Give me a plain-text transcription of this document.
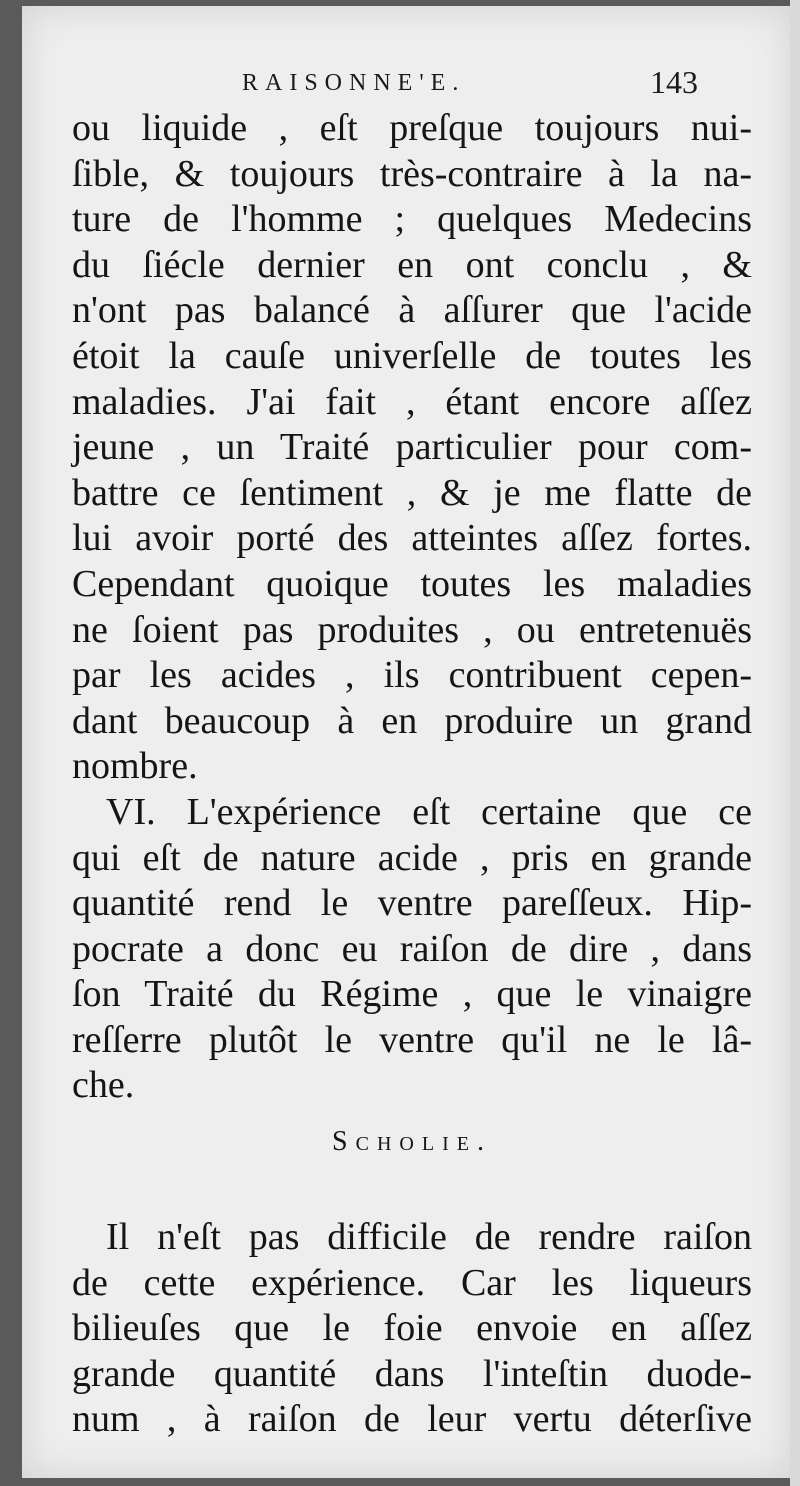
RAISONNE'E.	143
ou liquide , eſt preſque toujours nui-
ſible, & toujours très-contraire à la na-
ture de l'homme ; quelques Medecins
du ſiécle dernier en ont conclu , &
n'ont pas balancé à aſſurer que l'acide
étoit la cauſe univerſelle de toutes les
maladies. J'ai fait , étant encore aſſez
jeune , un Traité particulier pour com-
battre ce ſentiment , & je me flatte de
lui avoir porté des atteintes aſſez fortes.
Cependant quoique toutes les maladies
ne ſoient pas produites , ou entretenuës
par les acides , ils contribuent cepen-
dant beaucoup à en produire un grand
nombre.
VI. L'expérience eſt certaine que ce
qui eſt de nature acide , pris en grande
quantité rend le ventre pareſſeux. Hip-
pocrate a donc eu raiſon de dire , dans
ſon Traité du Régime , que le vinaigre
reſſerre plutôt le ventre qu'il ne le lâ-
che.
Scholie.
Il n'eſt pas difficile de rendre raiſon
de cette expérience. Car les liqueurs
bilieuſes que le foie envoie en aſſez
grande quantité dans l'inteſtin duode-
num , à raiſon de leur vertu déterſive
